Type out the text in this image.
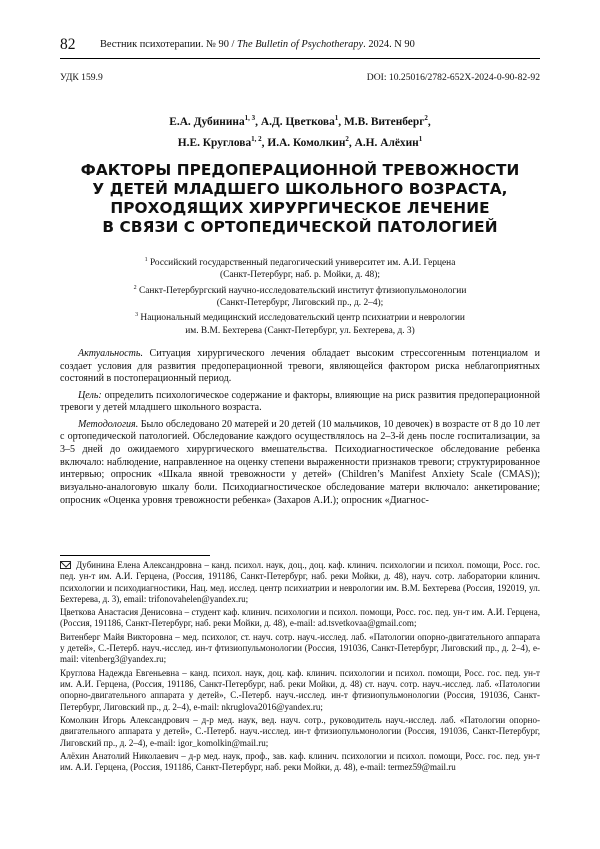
82 Вестник психотерапии. № 90 / The Bulletin of Psychotherapy. 2024. N 90
УДК 159.9	DOI: 10.25016/2782-652X-2024-0-90-82-92
Е.А. Дубинина$^{1, 3}$, А.Д. Цветкова$^1$, М.В. Витенберг$^2$,
Н.Е. Круглова$^{1, 2}$, И.А. Комолкин$^2$, А.Н. Алёхин$^1$
ФАКТОРЫ ПРЕДОПЕРАЦИОННОЙ ТРЕВОЖНОСТИ
У ДЕТЕЙ МЛАДШЕГО ШКОЛЬНОГО ВОЗРАСТА,
ПРОХОДЯЩИХ ХИРУРГИЧЕСКОЕ ЛЕЧЕНИЕ
В СВЯЗИ С ОРТОПЕДИЧЕСКОЙ ПАТОЛОГИЕЙ

$^1$ Российский государственный педагогический университет им. А.И. Герцена
(Санкт-Петербург, наб. р. Мойки, д. 48);

$^2$ Санкт-Петербургский научно-исследовательский институт фтизиопульмонологии
(Санкт-Петербург, Лиговский пр., д. 2–4);

$^3$ Национальный медицинский исследовательский центр психиатрии и неврологии
им. В.М. Бехтерева (Санкт-Петербург, ул. Бехтерева, д. 3)

Актуальность. Ситуация хирургического лечения обладает высоким стрессогенным потенциалом и создает условия для развития предоперационной тревоги, являющейся фактором риска неблагоприятных состояний в постоперационный период.

Цель: определить психологическое содержание и факторы, влияющие на риск развития предоперационной тревоги у детей младшего школьного возраста.

Методология. Было обследовано 20 матерей и 20 детей (10 мальчиков, 10 девочек) в возрасте от 8 до 10 лет с ортопедической патологией. Обследование каждого осуществлялось на 2–3-й день после госпитализации, за 3–5 дней до ожидаемого хирургического вмешательства. Психодиагностическое обследование ребенка включало: наблюдение, направленное на оценку степени выраженности признаков тревоги; структурированное интервью; опросник «Шкала явной тревожности у детей» (Children’s Manifest Anxiety Scale (CMAS)); визуально-аналоговую шкалу боли. Психодиагностическое обследование матери включало: анкетирование; опросник «Оценка уровня тревожности ребенка» (Захаров А.И.); опросник «Диагнос-

Дубинина Елена Александровна – канд. психол. наук, доц., доц. каф. клинич. психологии и психол. помощи, Росс. гос. пед. ун-т им. А.И. Герцена, (Россия, 191186, Санкт-Петербург, наб. реки Мойки, д. 48), науч. сотр. лаборатории клинич. психологии и психодиагностики, Нац. мед. исслед. центр психиатрии и неврологии им. В.М. Бехтерева (Россия, 192019, ул. Бехтерева, д. 3), email: trifonovahelen@yandex.ru;

Цветкова Анастасия Денисовна – студент каф. клинич. психологии и психол. помощи, Росс. гос. пед. ун-т им. А.И. Герцена, (Россия, 191186, Санкт-Петербург, наб. реки Мойки, д. 48), e-mail: ad.tsvetkovaa@gmail.com;

Витенберг Майя Викторовна – мед. психолог, ст. науч. сотр. науч.-исслед. лаб. «Патологии опорно-двигательного аппарата у детей», С.-Петерб. науч.-исслед. ин-т фтизиопульмонологии (Россия, 191036, Санкт-Петербург, Лиговский пр., д. 2–4), e-mail: vitenberg3@yandex.ru;

Круглова Надежда Евгеньевна – канд. психол. наук, доц. каф. клинич. психологии и психол. помощи, Росс. гос. пед. ун-т им. А.И. Герцена, (Россия, 191186, Санкт-Петербург, наб. реки Мойки, д. 48) ст. науч. сотр. науч.-исслед. лаб. «Патологии опорно-двигательного аппарата у детей», С.-Петерб. науч.-исслед. ин-т фтизиопульмонологии (Россия, 191036, Санкт-Петербург, Лиговский пр., д. 2–4), e-mail: nkruglova2016@yandex.ru;

Комолкин Игорь Александрович – д-р мед. наук, вед. науч. сотр., руководитель науч.-исслед. лаб. «Патологии опорно-двигательного аппарата у детей», С.-Петерб. науч.-исслед. ин-т фтизиопульмонологии (Россия, 191036, Санкт-Петербург, Лиговский пр., д. 2–4), e-mail: igor_komolkin@mail.ru;

Алёхин Анатолий Николаевич – д-р мед. наук, проф., зав. каф. клинич. психологии и психол. помощи, Росс. гос. пед. ун-т им. А.И. Герцена, (Россия, 191186, Санкт-Петербург, наб. реки Мойки, д. 48), e-mail: termez59@mail.ru
